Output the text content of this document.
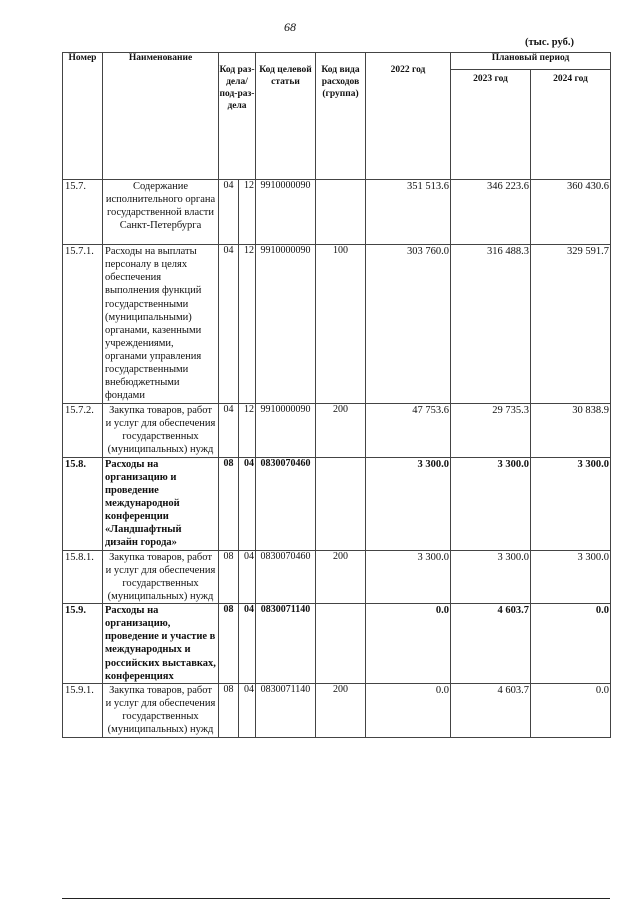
68
(тыс. руб.)
Номер	Наименование	Код раз-дела/ под-раз-дела		Код целевой статьи	Код вида расходов (группа)	2022 год	Плановый период	
							2023 год	2024 год
15.7.	Содержание исполнительного органа государственной власти Санкт-Петербурга	04	12	9910000090		351 513.6	346 223.6	360 430.6
15.7.1.	Расходы на выплаты персоналу в целях обеспечения выполнения функций государственными (муниципальными) органами, казенными учреждениями, органами управления государственными внебюджетными фондами	04	12	9910000090	100	303 760.0	316 488.3	329 591.7
15.7.2.	Закупка товаров, работ и услуг для обеспечения государственных (муниципальных) нужд	04	12	9910000090	200	47 753.6	29 735.3	30 838.9
15.8.	Расходы на организацию и проведение международной конференции «Ландшафтный дизайн города»	08	04	0830070460		3 300.0	3 300.0	3 300.0
15.8.1.	Закупка товаров, работ и услуг для обеспечения государственных (муниципальных) нужд	08	04	0830070460	200	3 300.0	3 300.0	3 300.0
15.9.	Расходы на организацию, проведение и участие в международных и российских выставках, конференциях	08	04	0830071140		0.0	4 603.7	0.0
15.9.1.	Закупка товаров, работ и услуг для обеспечения государственных (муниципальных) нужд	08	04	0830071140	200	0.0	4 603.7	0.0
